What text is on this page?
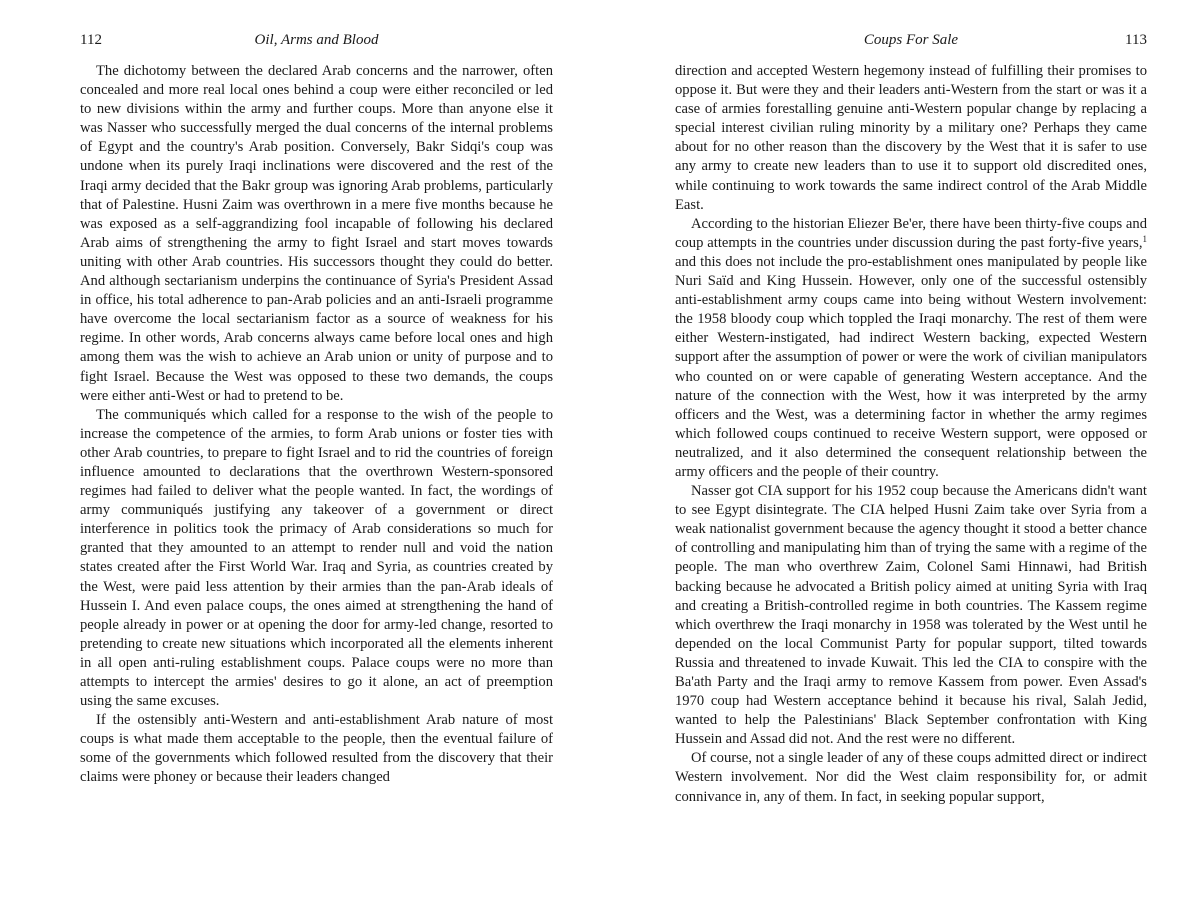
112	Oil, Arms and Blood

The dichotomy between the declared Arab concerns and the narrower, often concealed and more real local ones behind a coup were either reconciled or led to new divisions within the army and further coups. More than anyone else it was Nasser who successfully merged the dual concerns of the internal problems of Egypt and the country's Arab position. Conversely, Bakr Sidqi's coup was undone when its purely Iraqi inclinations were discovered and the rest of the Iraqi army decided that the Bakr group was ignoring Arab problems, particularly that of Palestine. Husni Zaim was overthrown in a mere five months because he was exposed as a self-aggrandizing fool incapable of following his declared Arab aims of strengthening the army to fight Israel and start moves towards uniting with other Arab countries. His successors thought they could do better. And although sectarianism underpins the continuance of Syria's President Assad in office, his total adherence to pan-Arab policies and an anti-Israeli programme have overcome the local sectarianism factor as a source of weakness for his regime. In other words, Arab concerns always came before local ones and high among them was the wish to achieve an Arab union or unity of purpose and to fight Israel. Because the West was opposed to these two demands, the coups were either anti-West or had to pretend to be.

The communiqués which called for a response to the wish of the people to increase the competence of the armies, to form Arab unions or foster ties with other Arab countries, to prepare to fight Israel and to rid the countries of foreign influence amounted to declarations that the overthrown Western-sponsored regimes had failed to deliver what the people wanted. In fact, the wordings of army communiqués justifying any takeover of a government or direct interference in politics took the primacy of Arab considerations so much for granted that they amounted to an attempt to render null and void the nation states created after the First World War. Iraq and Syria, as countries created by the West, were paid less attention by their armies than the pan-Arab ideals of Hussein I. And even palace coups, the ones aimed at strengthening the hand of people already in power or at opening the door for army-led change, resorted to pretending to create new situations which incorporated all the elements inherent in all open anti-ruling establishment coups. Palace coups were no more than attempts to intercept the armies' desires to go it alone, an act of preemption using the same excuses.

If the ostensibly anti-Western and anti-establishment Arab nature of most coups is what made them acceptable to the people, then the eventual failure of some of the governments which followed resulted from the discovery that their claims were phoney or because their leaders changed

Coups For Sale	113

direction and accepted Western hegemony instead of fulfilling their promises to oppose it. But were they and their leaders anti-Western from the start or was it a case of armies forestalling genuine anti-Western popular change by replacing a special interest civilian ruling minority by a military one? Perhaps they came about for no other reason than the discovery by the West that it is safer to use any army to create new leaders than to use it to support old discredited ones, while continuing to work towards the same indirect control of the Arab Middle East.

According to the historian Eliezer Be'er, there have been thirty-five coups and coup attempts in the countries under discussion during the past forty-five years,$^1$ and this does not include the pro-establishment ones manipulated by people like Nuri Saïd and King Hussein. However, only one of the successful ostensibly anti-establishment army coups came into being without Western involvement: the 1958 bloody coup which toppled the Iraqi monarchy. The rest of them were either Western-instigated, had indirect Western backing, expected Western support after the assumption of power or were the work of civilian manipulators who counted on or were capable of generating Western acceptance. And the nature of the connection with the West, how it was interpreted by the army officers and the West, was a determining factor in whether the army regimes which followed coups continued to receive Western support, were opposed or neutralized, and it also determined the consequent relationship between the army officers and the people of their country.

Nasser got CIA support for his 1952 coup because the Americans didn't want to see Egypt disintegrate. The CIA helped Husni Zaim take over Syria from a weak nationalist government because the agency thought it stood a better chance of controlling and manipulating him than of trying the same with a regime of the people. The man who overthrew Zaim, Colonel Sami Hinnawi, had British backing because he advocated a British policy aimed at uniting Syria with Iraq and creating a British-controlled regime in both countries. The Kassem regime which overthrew the Iraqi monarchy in 1958 was tolerated by the West until he depended on the local Communist Party for popular support, tilted towards Russia and threatened to invade Kuwait. This led the CIA to conspire with the Ba'ath Party and the Iraqi army to remove Kassem from power. Even Assad's 1970 coup had Western acceptance behind it because his rival, Salah Jedid, wanted to help the Palestinians' Black September confrontation with King Hussein and Assad did not. And the rest were no different.

Of course, not a single leader of any of these coups admitted direct or indirect Western involvement. Nor did the West claim responsibility for, or admit connivance in, any of them. In fact, in seeking popular support,
